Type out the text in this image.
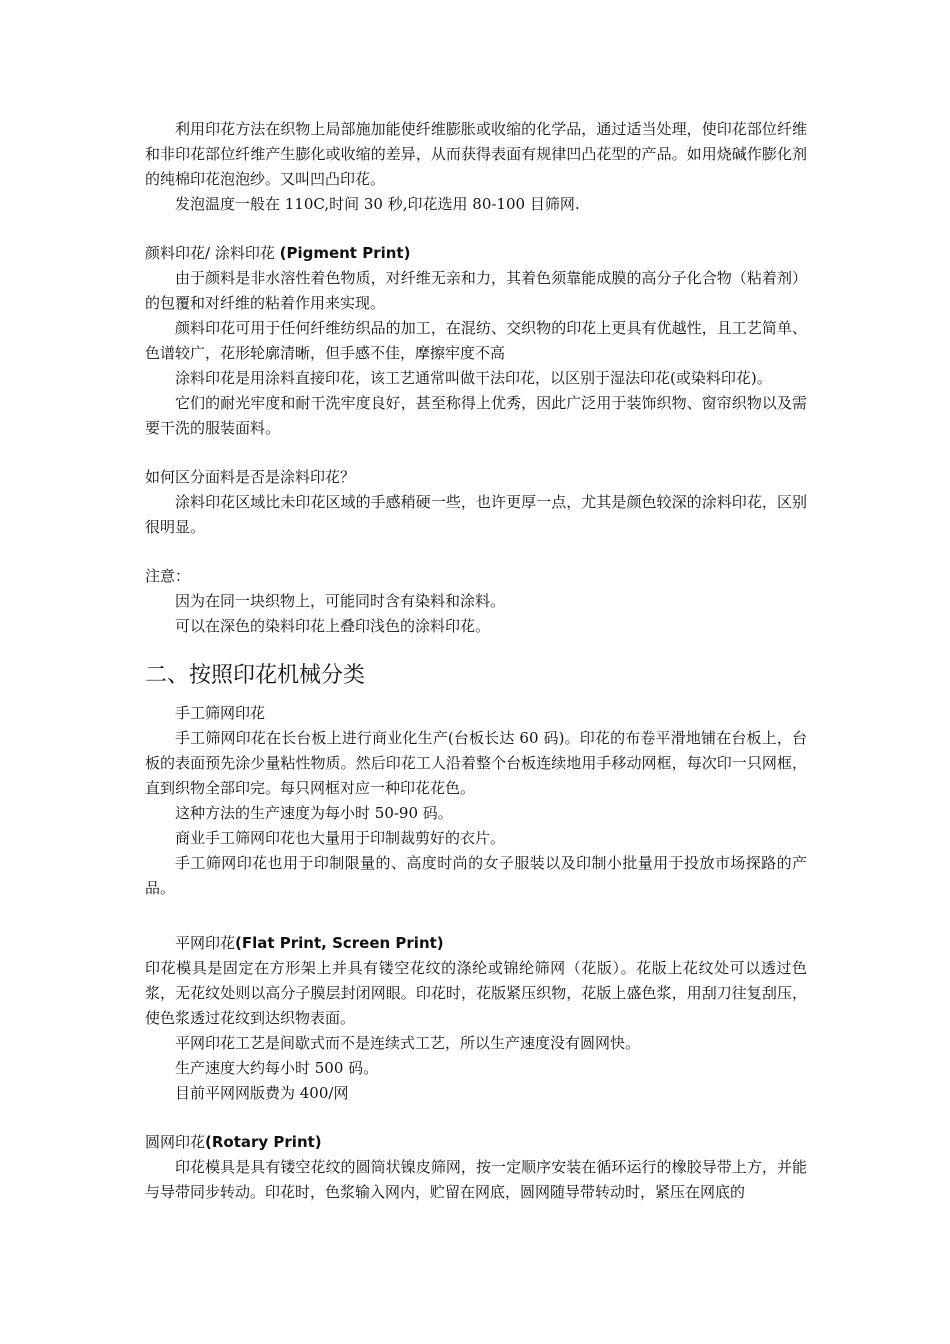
利用印花方法在织物上局部施加能使纤维膨胀或收缩的化学品，通过适当处理，使印花部位纤维和非印花部位纤维产生膨化或收缩的差异，从而获得表面有规律凹凸花型的产品。如用烧碱作膨化剂的纯棉印花泡泡纱。又叫凹凸印花。

发泡温度一般在 110C,时间 30 秒,印花选用 80-100 目筛网.

颜料印花/ 涂料印花 (Pigment Print)

由于颜料是非水溶性着色物质，对纤维无亲和力，其着色须靠能成膜的高分子化合物（粘着剂）的包覆和对纤维的粘着作用来实现。

颜料印花可用于任何纤维纺织品的加工，在混纺、交织物的印花上更具有优越性，且工艺简单、色谱较广，花形轮廓清晰，但手感不佳，摩擦牢度不高

涂料印花是用涂料直接印花，该工艺通常叫做干法印花，以区别于湿法印花(或染料印花)。

它们的耐光牢度和耐干洗牢度良好，甚至称得上优秀，因此广泛用于装饰织物、窗帘织物以及需要干洗的服装面料。

如何区分面料是否是涂料印花？

涂料印花区域比未印花区域的手感稍硬一些，也许更厚一点，尤其是颜色较深的涂料印花，区别很明显。

注意：

因为在同一块织物上，可能同时含有染料和涂料。

可以在深色的染料印花上叠印浅色的涂料印花。

二、按照印花机械分类

手工筛网印花

手工筛网印花在长台板上进行商业化生产(台板长达 60 码)。印花的布卷平滑地铺在台板上，台板的表面预先涂少量粘性物质。然后印花工人沿着整个台板连续地用手移动网框，每次印一只网框，直到织物全部印完。每只网框对应一种印花花色。

这种方法的生产速度为每小时 50-90 码。

商业手工筛网印花也大量用于印制裁剪好的衣片。

手工筛网印花也用于印制限量的、高度时尚的女子服装以及印制小批量用于投放市场探路的产品。

平网印花(Flat Print, Screen Print)

印花模具是固定在方形架上并具有镂空花纹的涤纶或锦纶筛网（花版）。花版上花纹处可以透过色浆，无花纹处则以高分子膜层封闭网眼。印花时，花版紧压织物，花版上盛色浆，用刮刀往复刮压，使色浆透过花纹到达织物表面。

平网印花工艺是间歇式而不是连续式工艺，所以生产速度没有圆网快。

生产速度大约每小时 500 码。

目前平网网版费为 400/网

圆网印花(Rotary Print)

印花模具是具有镂空花纹的圆筒状镍皮筛网，按一定顺序安装在循环运行的橡胶导带上方，并能与导带同步转动。印花时，色浆输入网内，贮留在网底，圆网随导带转动时，紧压在网底的
